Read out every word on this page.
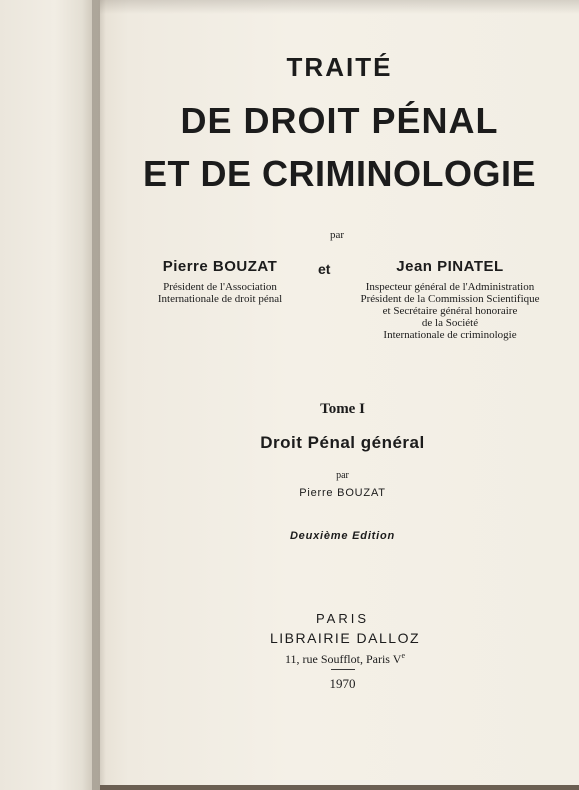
TRAITÉ
DE DROIT PÉNAL
ET DE CRIMINOLOGIE
par
Pierre BOUZAT
Président de l'Association
Internationale de droit pénal
et	Jean PINATEL
Inspecteur général de l'Administration
Président de la Commission Scientifique
et Secrétaire général honoraire
de la Société
Internationale de criminologie
Tome I
Droit Pénal général
par
Pierre BOUZAT
Deuxième Edition
PARIS
LIBRAIRIE DALLOZ
11, rue Soufflot, Paris Ve
1970
